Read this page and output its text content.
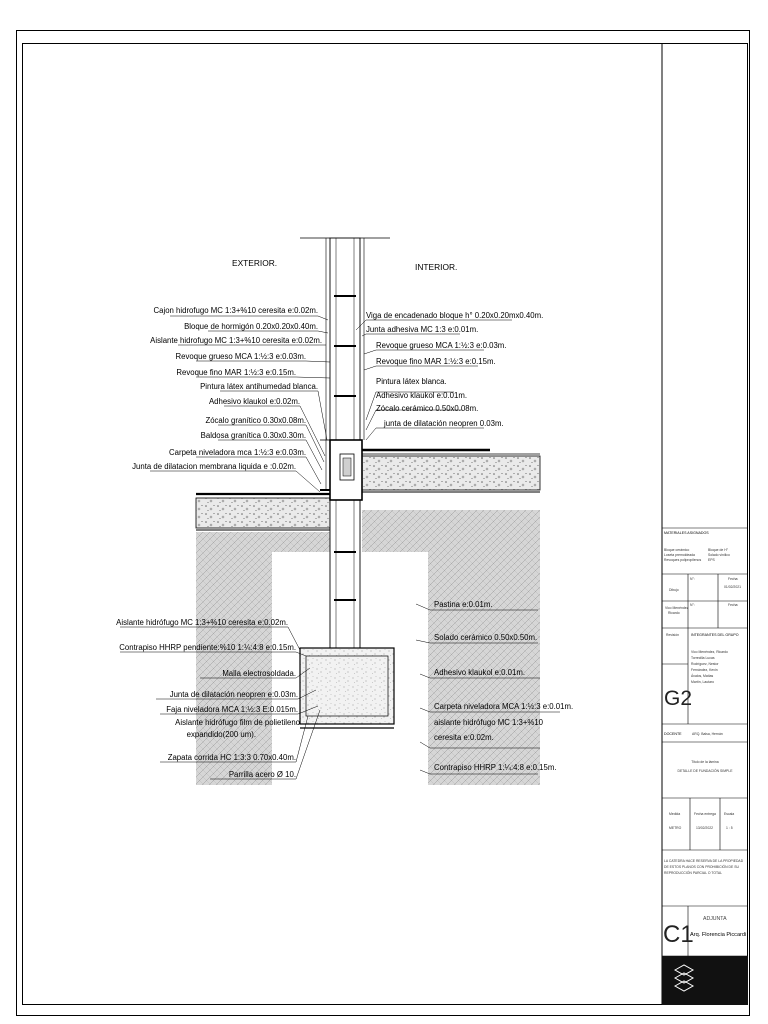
EXTERIOR.	INTERIOR.
Cajon hidrofugo MC 1:3+%10 ceresita e:0.02m.
Bloque de hormigón 0.20x0.20x0.40m.
Aislante hidrofugo MC 1:3+%10 ceresita e:0.02m.
Revoque grueso MCA 1:½:3 e:0.03m.
Revoque fino MAR 1:½:3 e:0.15m.
Pintura látex antihumedad blanca.
Adhesivo klaukol e:0.02m.
Zócalo granítico 0.30x0.08m.
Baldosa granítica 0.30x0.30m.
Carpeta niveladora mca 1:½:3 e:0.03m.
Junta de dilatacion membrana liquida e :0.02m.
Viga de encadenado bloque h° 0.20x0.20mx0.40m.
Junta adhesiva MC 1:3 e:0.01m.
Revoque grueso MCA 1:½:3 e:0.03m.
Revoque fino MAR 1:½:3 e:0.15m.
Pintura látex blanca.
Adhesivo klaukol e:0.01m.
Zócalo cerámico 0.50x0.08m.
junta de dilatación neopren 0.03m.
Aislante hidrófugo MC 1:3+%10 ceresita e:0.02m.
Contrapiso HHRP pendiente:%10 1:¼:4:8 e:0.15m.
Malla electrosoldada.
Junta de dilatación neopren e:0.03m.
Faja niveladora MCA 1:½:3 E:0.015m.
Aislante hidrófugo film de polietileno
expandido(200 um).
Zapata corrida HC 1:3:3 0.70x0.40m.
Parrilla acero Ø 10.
Pastina e:0.01m.
Solado cerámico 0.50x0.50m.
Adhesivo klaukol e:0.01m.
Carpeta niveladora MCA 1:½:3 e:0.01m.
aislante hidrófugo MC 1:3+%10
ceresita e:0.02m.
Contrapiso HHRP 1:¼:4:8 e:0.15m.
MATERIALES ASIGNADOS
Bloque cerámico
Loseta premoldeada
Revoques polipropilenos
Bloque de H°
Solado vinílico
EPS
Dibujo
Vico Menéndez
Ricardo
N°:
N°:
Fecha:
01/02/2021
Fecha:
Revisión	INTEGRANTES DEL GRUPO
Vico Menéndez, Ricardo
Torrecilla Lucas
Rodríguez, Nestor
Fernández, Kevin
Ávalos, Matías
Martín, Lautaro
G2
DOCENTE	ARQ. Balsa, Hernán
Titulo de la lámina
DETALLE DE FUNDACIÓN SIMPLE
Medida
METRO
Fecha entrega
13/02/2022
Escala
1 : 5
LA CATEDRA HACE RESERVA DE LA PROPIEDAD
DE ESTOS PLANOS CON PROHIBICIÓN DE SU
REPRODUCCIÓN PARCIAL O TOTAL
C1
ADJUNTA
Arq. Florencia Piccardi
